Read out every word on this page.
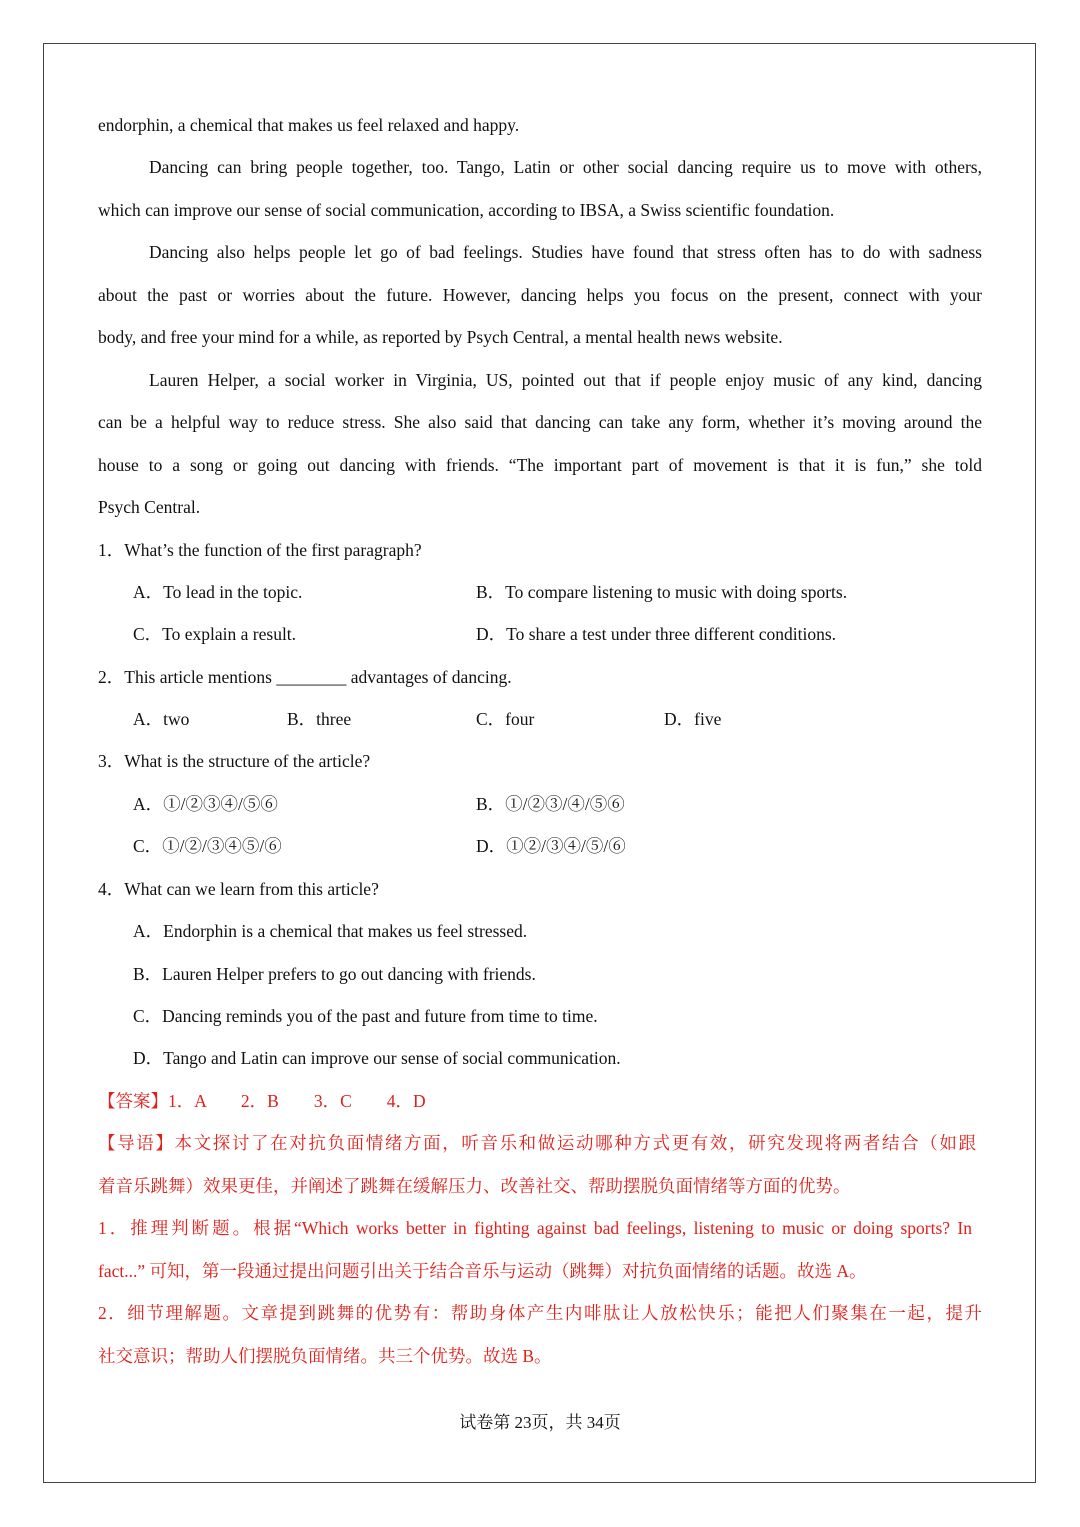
endorphin, a chemical that makes us feel relaxed and happy.
Dancing can bring people together, too. Tango, Latin or other social dancing require us to move with others,
which can improve our sense of social communication, according to IBSA, a Swiss scientific foundation.
Dancing also helps people let go of bad feelings. Studies have found that stress often has to do with sadness
about the past or worries about the future. However, dancing helps you focus on the present, connect with your
body, and free your mind for a while, as reported by Psych Central, a mental health news website.
Lauren Helper, a social worker in Virginia, US, pointed out that if people enjoy music of any kind, dancing
can be a helpful way to reduce stress. She also said that dancing can take any form, whether it’s moving around the
house to a song or going out dancing with friends. “The important part of movement is that it is fun,” she told
Psych Central.
1．What’s the function of the first paragraph?
A．To lead in the topic.	B．To compare listening to music with doing sports.
C．To explain a result.	D．To share a test under three different conditions.
2．This article mentions ________ advantages of dancing.
A．two	B．three	C．four	D．five
3．What is the structure of the article?
A．①/②③④/⑤⑥	B．①/②③/④/⑤⑥
C．①/②/③④⑤/⑥	D．①②/③④/⑤/⑥
4．What can we learn from this article?
A．Endorphin is a chemical that makes us feel stressed.
B．Lauren Helper prefers to go out dancing with friends.
C．Dancing reminds you of the past and future from time to time.
D．Tango and Latin can improve our sense of social communication.
【答案】1．A　　2．B　　3．C　　4．D
【导语】本文探讨了在对抗负面情绪方面，听音乐和做运动哪种方式更有效，研究发现将两者结合（如跟
着音乐跳舞）效果更佳，并阐述了跳舞在缓解压力、改善社交、帮助摆脱负面情绪等方面的优势。
1．推理判断题。根据“Which works better in fighting against bad feelings, listening to music or doing sports? In
fact...” 可知，第一段通过提出问题引出关于结合音乐与运动（跳舞）对抗负面情绪的话题。故选 A。
2．细节理解题。文章提到跳舞的优势有：帮助身体产生内啡肽让人放松快乐；能把人们聚集在一起，提升
社交意识；帮助人们摆脱负面情绪。共三个优势。故选 B。
试卷第 23页，共 34页
